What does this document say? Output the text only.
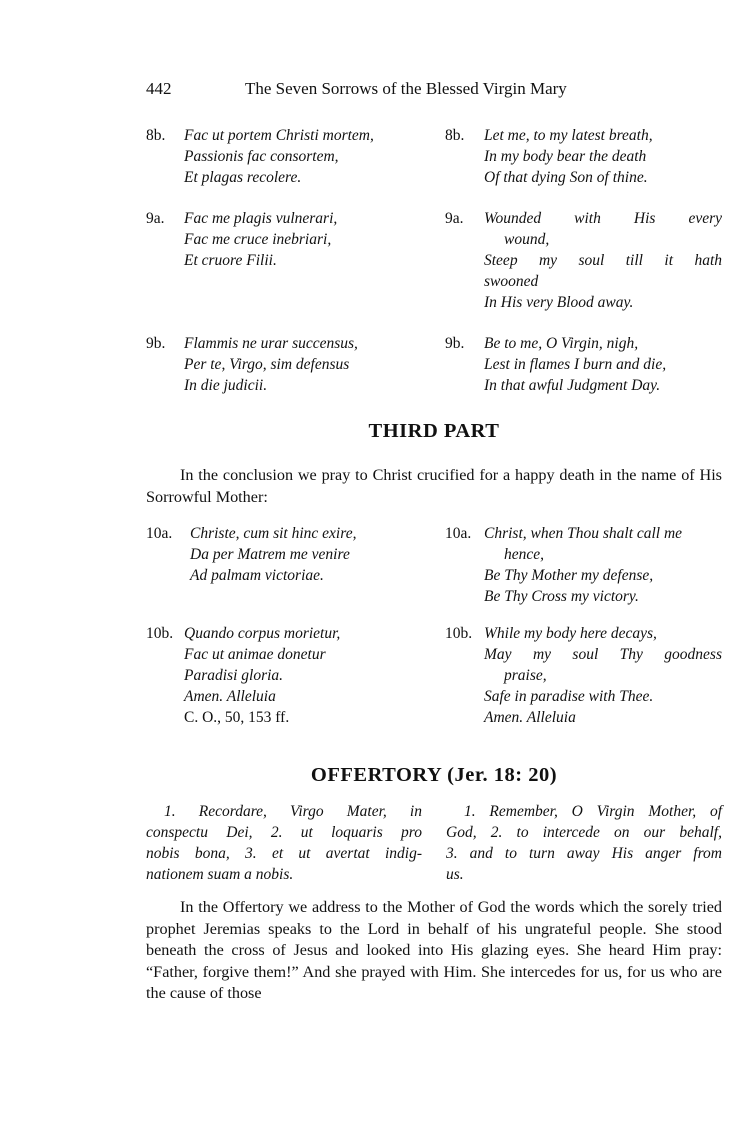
442	The Seven Sorrows of the Blessed Virgin Mary
8b. Fac ut portem Christi mortem,
Passionis fac consortem,
Et plagas recolere.
8b. Let me, to my latest breath,
In my body bear the death
Of that dying Son of thine.
9a. Fac me plagis vulnerari,
Fac me cruce inebriari,
Et cruore Filii.
9a. Wounded with His every
wound,
Steep my soul till it hath
swooned
In His very Blood away.
9b. Flammis ne urar succensus,
Per te, Virgo, sim defensus
In die judicii.
9b. Be to me, O Virgin, nigh,
Lest in flames I burn and die,
In that awful Judgment Day.
THIRD PART
In the conclusion we pray to Christ crucified for a happy death in the name of His Sorrowful Mother:
10a. Christe, cum sit hinc exire,
Da per Matrem me venire
Ad palmam victoriae.
10a. Christ, when Thou shalt call me
hence,
Be Thy Mother my defense,
Be Thy Cross my victory.
10b. Quando corpus morietur,
Fac ut animae donetur
Paradisi gloria.
Amen. Alleluia
C. O., 50, 153 ff.
10b. While my body here decays,
May my soul Thy goodness
praise,
Safe in paradise with Thee.
Amen. Alleluia
OFFERTORY (Jer. 18: 20)
1. Recordare, Virgo Mater, in
conspectu Dei, 2. ut loquaris pro
nobis bona, 3. et ut avertat indig-
nationem suam a nobis.
1. Remember, O Virgin Mother, of
God, 2. to intercede on our behalf,
3. and to turn away His anger from
us.
In the Offertory we address to the Mother of God the words which the sorely tried prophet Jeremias speaks to the Lord in behalf of his ungrateful people. She stood beneath the cross of Jesus and looked into His glazing eyes. She heard Him pray: “Father, forgive them!” And she prayed with Him. She intercedes for us, for us who are the cause of those
